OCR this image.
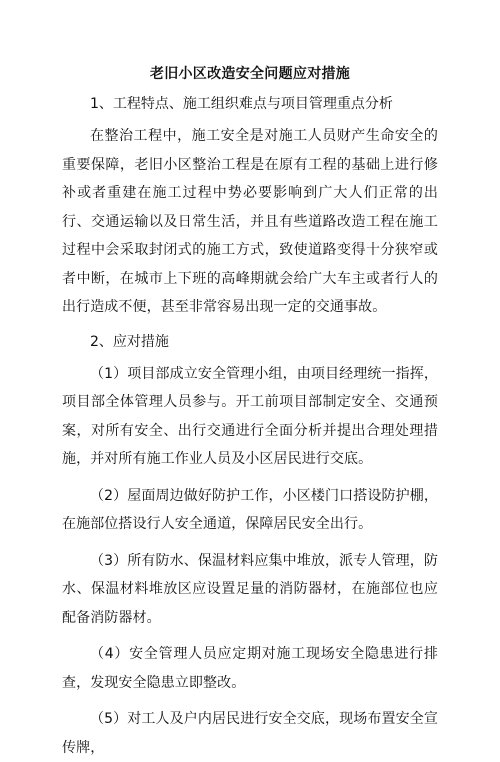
老旧小区改造安全问题应对措施

1、工程特点、施工组织难点与项目管理重点分析

在整治工程中，施工安全是对施工人员财产生命安全的重要保障，老旧小区整治工程是在原有工程的基础上进行修补或者重建在施工过程中势必要影响到广大人们正常的出行、交通运输以及日常生活，并且有些道路改造工程在施工过程中会采取封闭式的施工方式，致使道路变得十分狭窄或者中断，在城市上下班的高峰期就会给广大车主或者行人的出行造成不便，甚至非常容易出现一定的交通事故。

2、应对措施

（1）项目部成立安全管理小组，由项目经理统一指挥，项目部全体管理人员参与。开工前项目部制定安全、交通预案，对所有安全、出行交通进行全面分析并提出合理处理措施，并对所有施工作业人员及小区居民进行交底。

（2）屋面周边做好防护工作，小区楼门口搭设防护棚，在施部位搭设行人安全通道，保障居民安全出行。

（3）所有防水、保温材料应集中堆放，派专人管理，防水、保温材料堆放区应设置足量的消防器材，在施部位也应配备消防器材。

（4）安全管理人员应定期对施工现场安全隐患进行排查，发现安全隐患立即整改。

（5）对工人及户内居民进行安全交底，现场布置安全宣传牌，
